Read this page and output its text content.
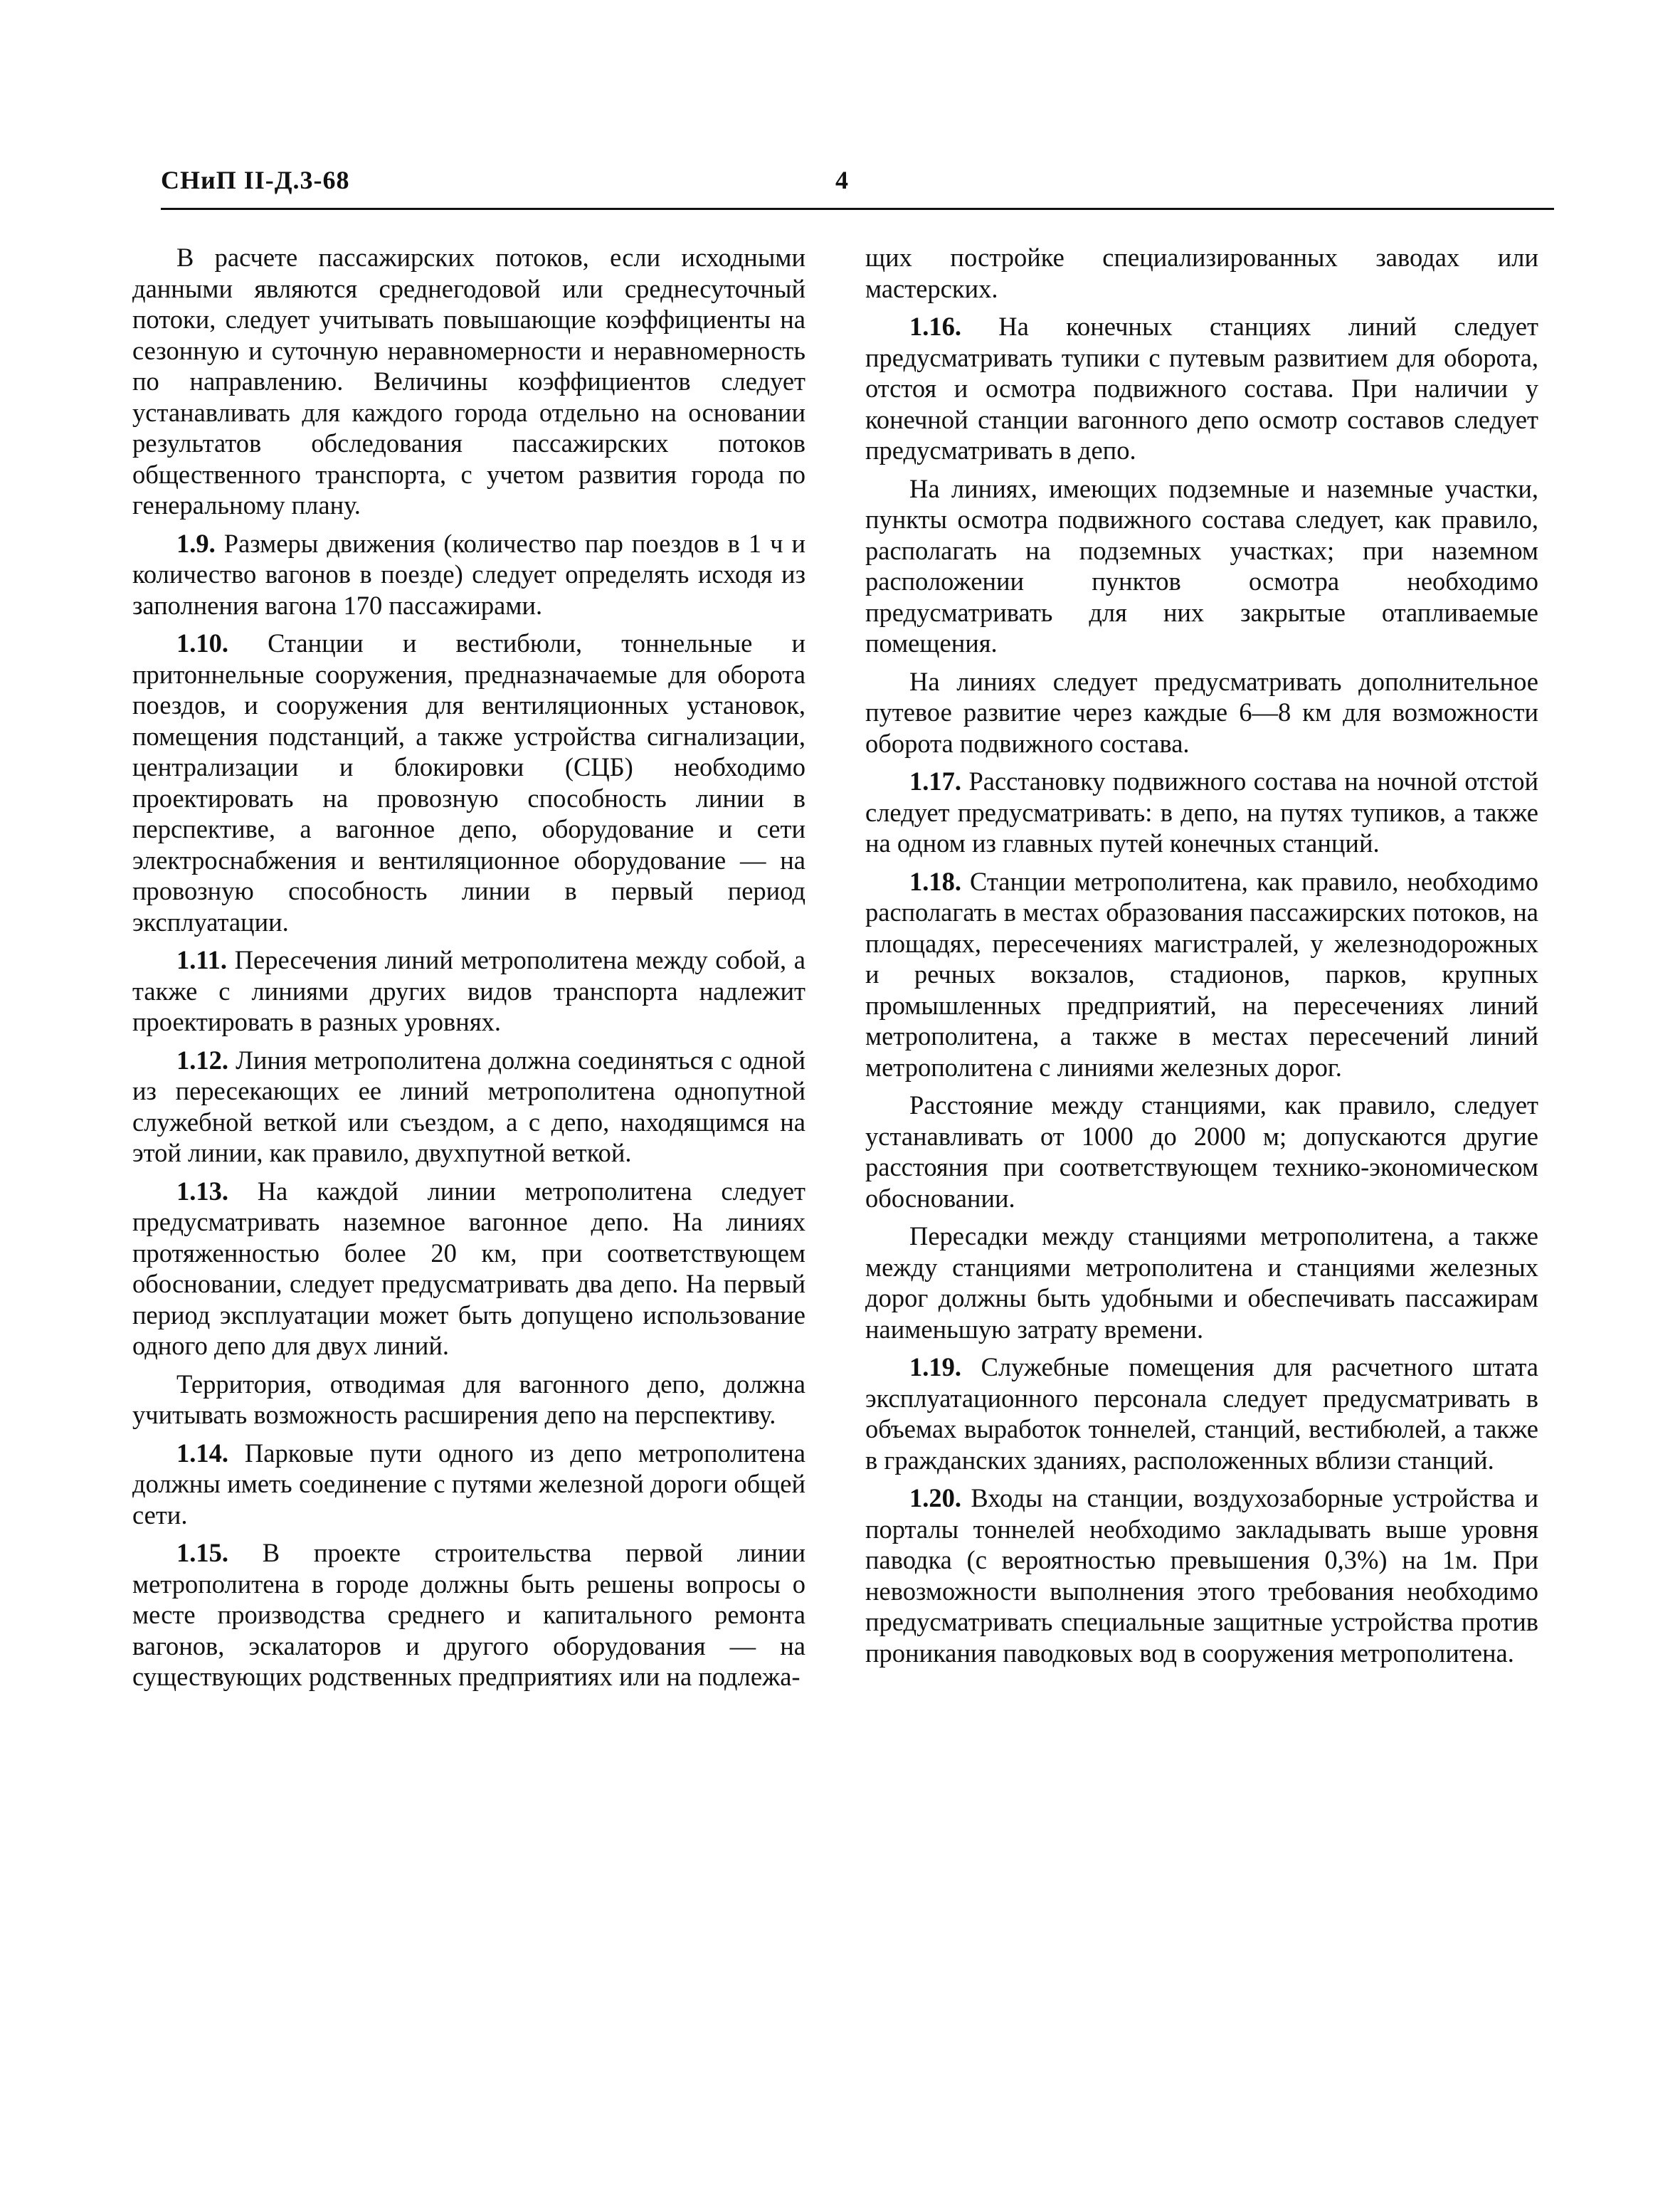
СНиП II-Д.3-68	4

В расчете пассажирских потоков, если исходными данными являются среднегодовой или среднесуточный потоки, следует учитывать повышающие коэффициенты на сезонную и суточную неравномерности и неравномерность по направлению. Величины коэффициентов следует устанавливать для каждого города отдельно на основании результатов обследования пассажирских потоков общественного транспорта, с учетом развития города по генеральному плану.

1.9. Размеры движения (количество пар поездов в 1 ч и количество вагонов в поезде) следует определять исходя из заполнения вагона 170 пассажирами.

1.10. Станции и вестибюли, тоннельные и притоннельные сооружения, предназначаемые для оборота поездов, и сооружения для вентиляционных установок, помещения подстанций, а также устройства сигнализации, централизации и блокировки (СЦБ) необходимо проектировать на провозную способность линии в перспективе, а вагонное депо, оборудование и сети электроснабжения и вентиляционное оборудование — на провозную способность линии в первый период эксплуатации.

1.11. Пересечения линий метрополитена между собой, а также с линиями других видов транспорта надлежит проектировать в разных уровнях.

1.12. Линия метрополитена должна соединяться с одной из пересекающих ее линий метрополитена однопутной служебной веткой или съездом, а с депо, находящимся на этой линии, как правило, двухпутной веткой.

1.13. На каждой линии метрополитена следует предусматривать наземное вагонное депо. На линиях протяженностью более 20 км, при соответствующем обосновании, следует предусматривать два депо. На первый период эксплуатации может быть допущено использование одного депо для двух линий.

Территория, отводимая для вагонного депо, должна учитывать возможность расширения депо на перспективу.

1.14. Парковые пути одного из депо метрополитена должны иметь соединение с путями железной дороги общей сети.

1.15. В проекте строительства первой линии метрополитена в городе должны быть решены вопросы о месте производства среднего и капитального ремонта вагонов, эскалаторов и другого оборудования — на существующих родственных предприятиях или на подлежа-

щих постройке специализированных заводах или мастерских.

1.16. На конечных станциях линий следует предусматривать тупики с путевым развитием для оборота, отстоя и осмотра подвижного состава. При наличии у конечной станции вагонного депо осмотр составов следует предусматривать в депо.

На линиях, имеющих подземные и наземные участки, пункты осмотра подвижного состава следует, как правило, располагать на подземных участках; при наземном расположении пунктов осмотра необходимо предусматривать для них закрытые отапливаемые помещения.

На линиях следует предусматривать дополнительное путевое развитие через каждые 6—8 км для возможности оборота подвижного состава.

1.17. Расстановку подвижного состава на ночной отстой следует предусматривать: в депо, на путях тупиков, а также на одном из главных путей конечных станций.

1.18. Станции метрополитена, как правило, необходимо располагать в местах образования пассажирских потоков, на площадях, пересечениях магистралей, у железнодорожных и речных вокзалов, стадионов, парков, крупных промышленных предприятий, на пересечениях линий метрополитена, а также в местах пересечений линий метрополитена с линиями железных дорог.

Расстояние между станциями, как правило, следует устанавливать от 1000 до 2000 м; допускаются другие расстояния при соответствующем технико-экономическом обосновании.

Пересадки между станциями метрополитена, а также между станциями метрополитена и станциями железных дорог должны быть удобными и обеспечивать пассажирам наименьшую затрату времени.

1.19. Служебные помещения для расчетного штата эксплуатационного персонала следует предусматривать в объемах выработок тоннелей, станций, вестибюлей, а также в гражданских зданиях, расположенных вблизи станций.

1.20. Входы на станции, воздухозаборные устройства и порталы тоннелей необходимо закладывать выше уровня паводка (с вероятностью превышения 0,3%) на 1м. При невозможности выполнения этого требования необходимо предусматривать специальные защитные устройства против проникания паводковых вод в сооружения метрополитена.
